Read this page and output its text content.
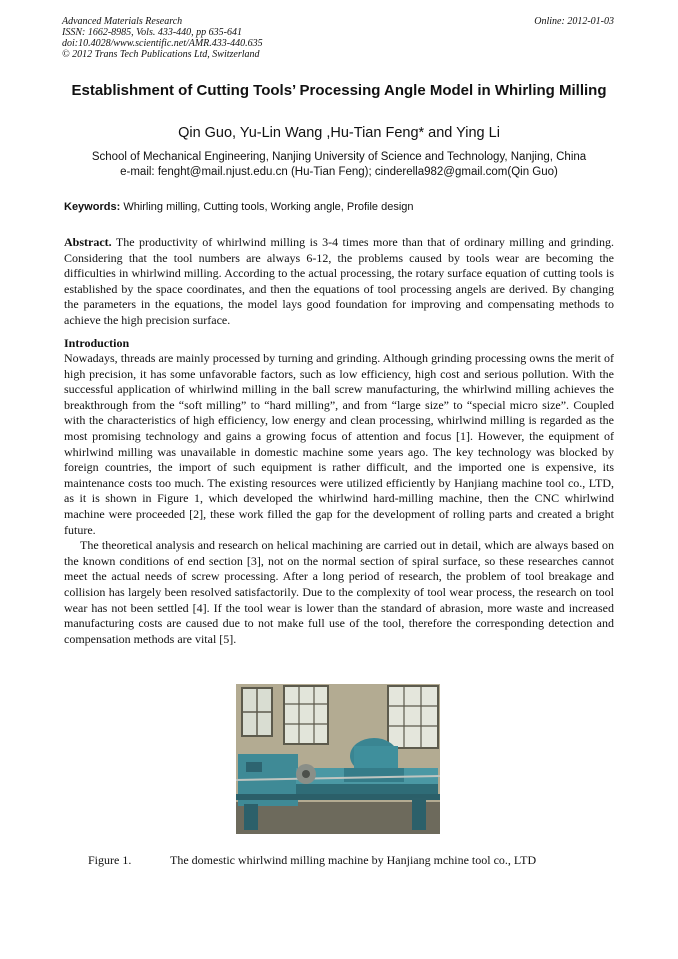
Advanced Materials Research
ISSN: 1662-8985, Vols. 433-440, pp 635-641
doi:10.4028/www.scientific.net/AMR.433-440.635
© 2012 Trans Tech Publications Ltd, Switzerland
Online: 2012-01-03
Establishment of Cutting Tools’ Processing Angle Model in Whirling Milling
Qin Guo, Yu-Lin Wang ,Hu-Tian Feng* and Ying Li
School of Mechanical Engineering, Nanjing University of Science and Technology, Nanjing, China
e-mail: fenght@mail.njust.edu.cn (Hu-Tian Feng); cinderella982@gmail.com(Qin Guo)
Keywords: Whirling milling, Cutting tools, Working angle, Profile design
Abstract. The productivity of whirlwind milling is 3-4 times more than that of ordinary milling and grinding. Considering that the tool numbers are always 6-12, the problems caused by tools wear are becoming the difficulties in whirlwind milling. According to the actual processing, the rotary surface equation of cutting tools is established by the space coordinates, and then the equations of tool processing angels are derived. By changing the parameters in the equations, the model lays good foundation for improving and compensating methods to achieve the high precision surface.
Introduction

Nowadays, threads are mainly processed by turning and grinding. Although grinding processing owns the merit of high precision, it has some unfavorable factors, such as low efficiency, high cost and serious pollution. With the successful application of whirlwind milling in the ball screw manufacturing, the whirlwind milling achieves the breakthrough from the “soft milling” to “hard milling”, and from “large size” to “special micro size”. Coupled with the characteristics of high efficiency, low energy and clean processing, whirlwind milling is regarded as the most promising technology and gains a growing focus of attention and focus [1]. However, the equipment of whirlwind milling was unavailable in domestic machine some years ago. The key technology was blocked by foreign countries, the import of such equipment is rather difficult, and the imported one is expensive, its maintenance costs too much. The existing resources were utilized efficiently by Hanjiang machine tool co., LTD, as it is shown in Figure 1, which developed the whirlwind hard-milling machine, then the CNC whirlwind machine were proceeded [2], these work filled the gap for the development of rolling parts and created a bright future.

The theoretical analysis and research on helical machining are carried out in detail, which are always based on the known conditions of end section [3], not on the normal section of spiral surface, so these researches cannot meet the actual needs of screw processing. After a long period of research, the problem of tool breakage and collision has largely been resolved satisfactorily. Due to the complexity of tool wear process, the research on tool wear has not been settled [4]. If the tool wear is lower than the standard of abrasion, more waste and increased manufacturing costs are caused due to not make full use of the tool, therefore the corresponding detection and compensation methods are vital [5].

Figure 1.	The domestic whirlwind milling machine by Hanjiang mchine tool co., LTD
